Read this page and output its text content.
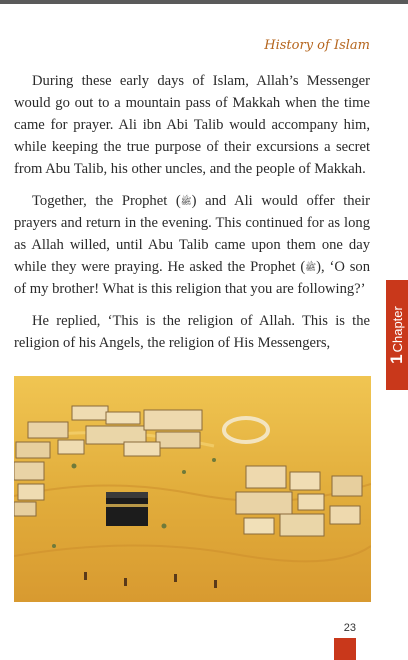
History of Islam

During these early days of Islam, Allah’s Messenger would go out to a mountain pass of Makkah when the time came for prayer. Ali ibn Abi Talib would accompany him, while keeping the true purpose of their excursions a secret from Abu Talib, his other uncles, and the people of Makkah.

Together, the Prophet (ﷺ) and Ali would offer their prayers and return in the evening. This continued for as long as Allah willed, until Abu Talib came upon them one day while they were praying. He asked the Prophet (ﷺ), ‘O son of my brother! What is this religion that you are following?’

He replied, ‘This is the religion of Allah. This is the religion of his Angels, the religion of His Messengers,

1Chapter
23
